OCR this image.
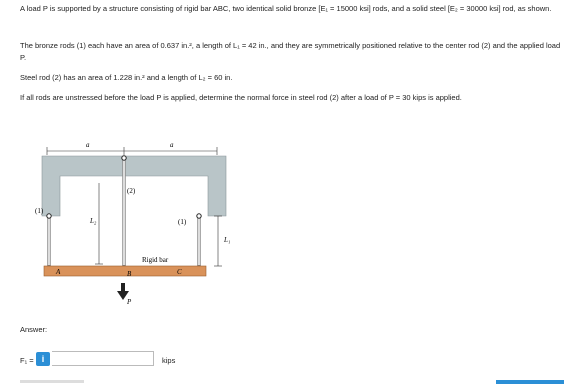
A load P is supported by a structure consisting of rigid bar ABC, two identical solid bronze [E₁ = 15000 ksi] rods, and a solid steel [E₂ = 30000 ksi] rod, as shown.
The bronze rods (1) each have an area of 0.637 in.², a length of L₁ = 42 in., and they are symmetrically positioned relative to the center rod (2) and the applied load P.
Steel rod (2) has an area of 1.228 in.² and a length of L₂ = 60 in.
If all rods are unstressed before the load P is applied, determine the normal force in steel rod (2) after a load of P = 30 kips is applied.
a	a
(1)
(2)
L₂	(1)
L₁
A	B	C
Rigid bar
P
Answer:
F₁ = i	kips
